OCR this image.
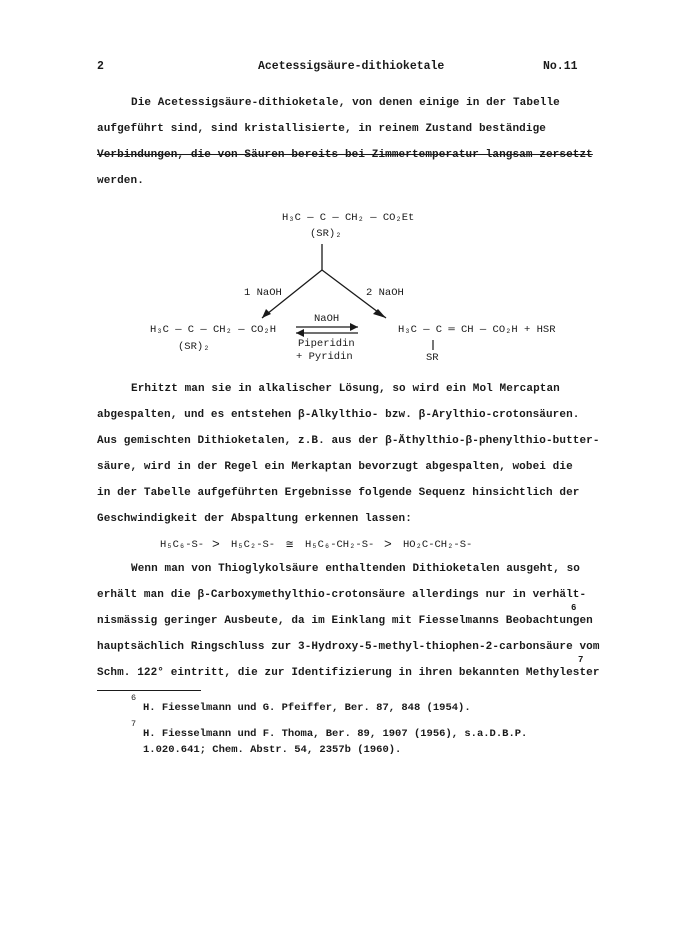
2	Acetessigsäure-dithioketale	No.11
Die Acetessigsäure-dithioketale, von denen einige in der Tabelle
aufgeführt sind, sind kristallisierte, in reinem Zustand beständige
Verbindungen, die von Säuren bereits bei Zimmertemperatur langsam zersetzt
werden.
H₃C — C — CH₂ — CO₂Et
(SR)₂
1 NaOH	2 NaOH
NaOH
Piperidin
+ Pyridin
H₃C — C — CH₂ — CO₂H
(SR)₂
H₃C — C ═ CH — CO₂H + HSR
SR
Erhitzt man sie in alkalischer Lösung, so wird ein Mol Mercaptan
abgespalten, und es entstehen β-Alkylthio- bzw. β-Arylthio-crotonsäuren.
Aus gemischten Dithioketalen, z.B. aus der β-Äthylthio-β-phenylthio-butter-
säure, wird in der Regel ein Merkaptan bevorzugt abgespalten, wobei die
in der Tabelle aufgeführten Ergebnisse folgende Sequenz hinsichtlich der
Geschwindigkeit der Abspaltung erkennen lassen:
H₅C₆-S- > H₅C₂-S- ≅ H₅C₆-CH₂-S- > HO₂C-CH₂-S-
Wenn man von Thioglykolsäure enthaltenden Dithioketalen ausgeht, so
erhält man die β-Carboxymethylthio-crotonsäure allerdings nur in verhält-
nismässig geringer Ausbeute, da im Einklang mit Fiesselmanns Beobachtungen
6
hauptsächlich Ringschluss zur 3-Hydroxy-5-methyl-thiophen-2-carbonsäure vom
Schm. 122° eintritt, die zur Identifizierung in ihren bekannten Methylester
7
6
H. Fiesselmann und G. Pfeiffer, Ber. 87, 848 (1954).
7
H. Fiesselmann und F. Thoma, Ber. 89, 1907 (1956), s.a.D.B.P.
1.020.641; Chem. Abstr. 54, 2357b (1960).
